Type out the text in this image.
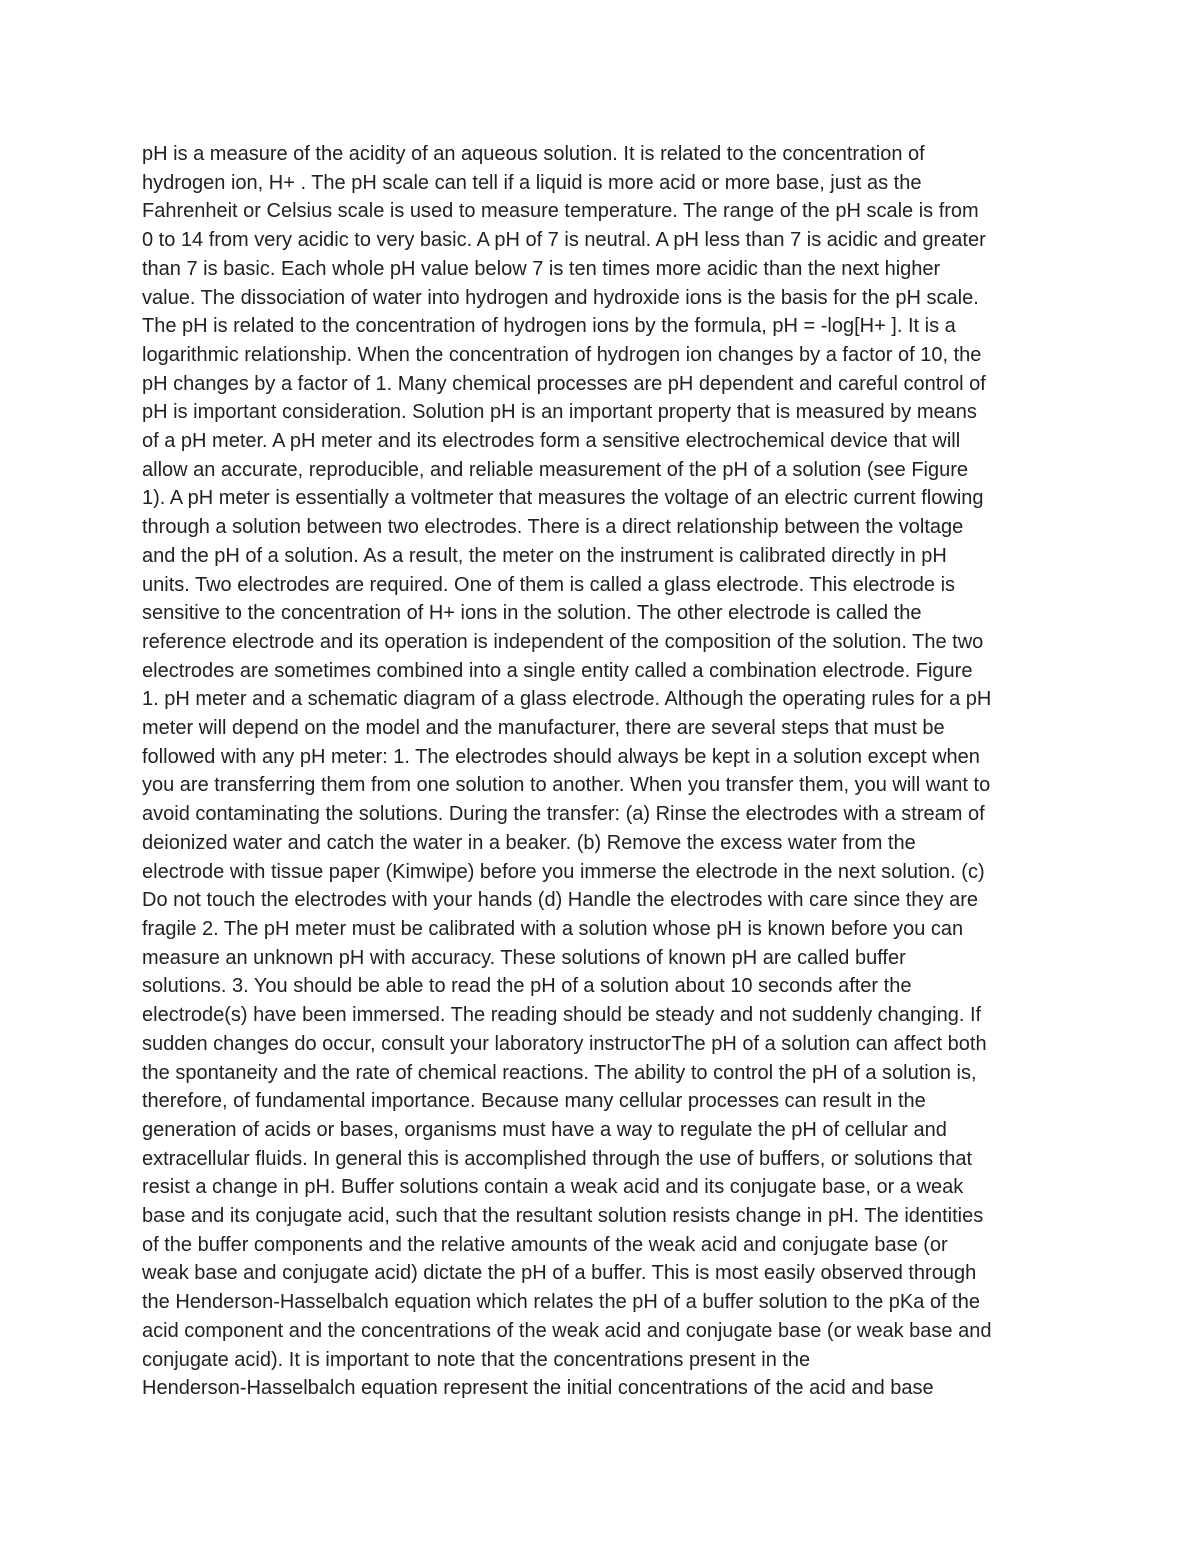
pH is a measure of the acidity of an aqueous solution. It is related to the concentration of
hydrogen ion, H+ . The pH scale can tell if a liquid is more acid or more base, just as the
Fahrenheit or Celsius scale is used to measure temperature. The range of the pH scale is from
0 to 14 from very acidic to very basic. A pH of 7 is neutral. A pH less than 7 is acidic and greater
than 7 is basic. Each whole pH value below 7 is ten times more acidic than the next higher
value. The dissociation of water into hydrogen and hydroxide ions is the basis for the pH scale.
The pH is related to the concentration of hydrogen ions by the formula, pH = -log[H+ ]. It is a
logarithmic relationship. When the concentration of hydrogen ion changes by a factor of 10, the
pH changes by a factor of 1. Many chemical processes are pH dependent and careful control of
pH is important consideration. Solution pH is an important property that is measured by means
of a pH meter. A pH meter and its electrodes form a sensitive electrochemical device that will
allow an accurate, reproducible, and reliable measurement of the pH of a solution (see Figure
1). A pH meter is essentially a voltmeter that measures the voltage of an electric current flowing
through a solution between two electrodes. There is a direct relationship between the voltage
and the pH of a solution. As a result, the meter on the instrument is calibrated directly in pH
units. Two electrodes are required. One of them is called a glass electrode. This electrode is
sensitive to the concentration of H+ ions in the solution. The other electrode is called the
reference electrode and its operation is independent of the composition of the solution. The two
electrodes are sometimes combined into a single entity called a combination electrode. Figure
1. pH meter and a schematic diagram of a glass electrode. Although the operating rules for a pH
meter will depend on the model and the manufacturer, there are several steps that must be
followed with any pH meter: 1. The electrodes should always be kept in a solution except when
you are transferring them from one solution to another. When you transfer them, you will want to
avoid contaminating the solutions. During the transfer: (a) Rinse the electrodes with a stream of
deionized water and catch the water in a beaker. (b) Remove the excess water from the
electrode with tissue paper (Kimwipe) before you immerse the electrode in the next solution. (c)
Do not touch the electrodes with your hands (d) Handle the electrodes with care since they are
fragile 2. The pH meter must be calibrated with a solution whose pH is known before you can
measure an unknown pH with accuracy. These solutions of known pH are called buffer
solutions. 3. You should be able to read the pH of a solution about 10 seconds after the
electrode(s) have been immersed. The reading should be steady and not suddenly changing. If
sudden changes do occur, consult your laboratory instructorThe pH of a solution can affect both
the spontaneity and the rate of chemical reactions. The ability to control the pH of a solution is,
therefore, of fundamental importance. Because many cellular processes can result in the
generation of acids or bases, organisms must have a way to regulate the pH of cellular and
extracellular fluids. In general this is accomplished through the use of buffers, or solutions that
resist a change in pH. Buffer solutions contain a weak acid and its conjugate base, or a weak
base and its conjugate acid, such that the resultant solution resists change in pH. The identities
of the buffer components and the relative amounts of the weak acid and conjugate base (or
weak base and conjugate acid) dictate the pH of a buffer. This is most easily observed through
the Henderson-Hasselbalch equation which relates the pH of a buffer solution to the pKa of the
acid component and the concentrations of the weak acid and conjugate base (or weak base and
conjugate acid). It is important to note that the concentrations present in the
Henderson-Hasselbalch equation represent the initial concentrations of the acid and base
